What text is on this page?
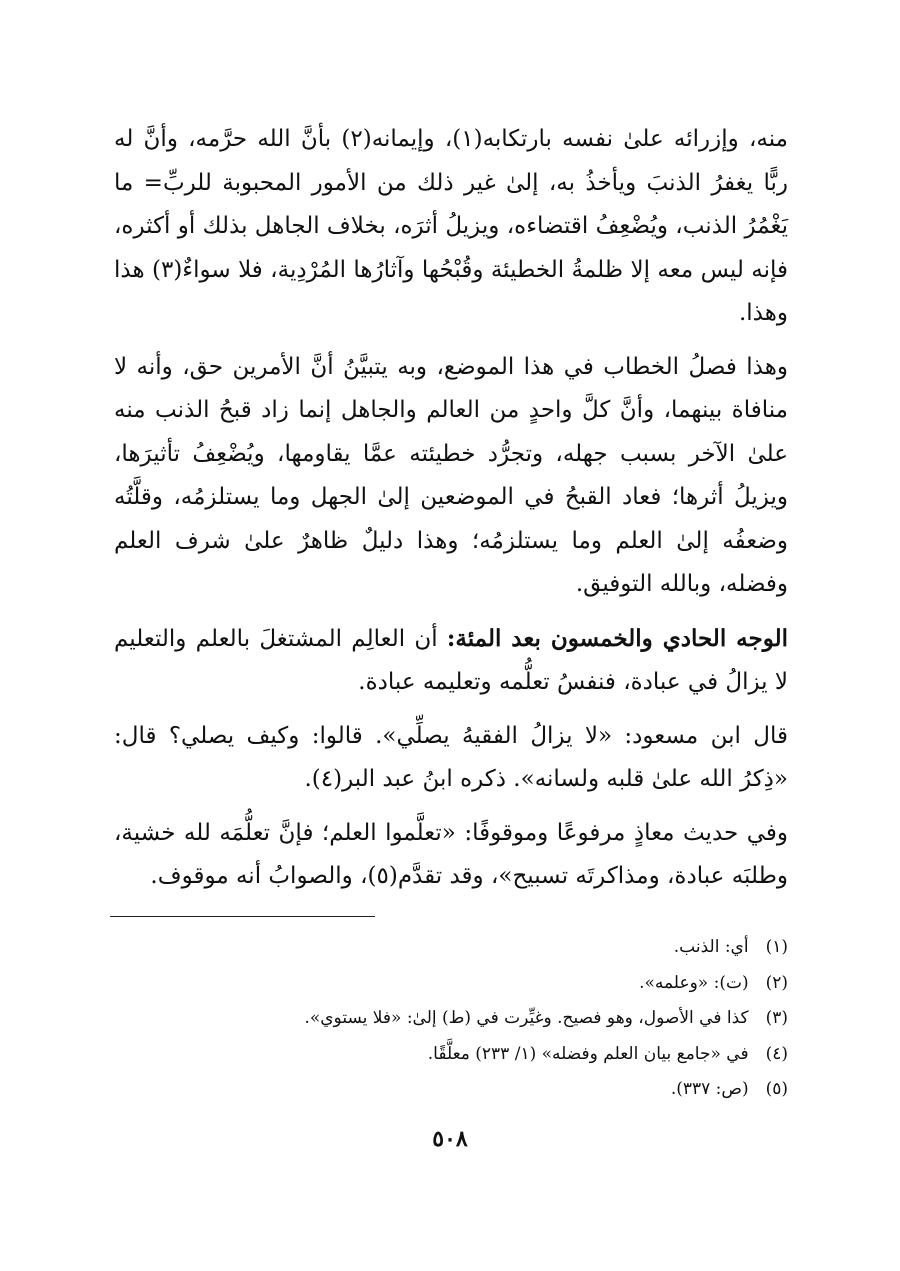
منه، وإزرائه علىٰ نفسه بارتكابه(١)، وإيمانه(٢) بأنَّ الله حرَّمه، وأنَّ له ربًّا يغفرُ الذنبَ ويأخذُ به، إلىٰ غير ذلك من الأمور المحبوبة للربِّ= ما يَغْمُرُ الذنب، ويُضْعِفُ اقتضاءه، ويزيلُ أثرَه، بخلاف الجاهل بذلك أو أكثره، فإنه ليس معه إلا ظلمةُ الخطيئة وقُبْحُها وآثارُها المُرْدِية، فلا سواءٌ(٣) هذا وهذا.

وهذا فصلُ الخطاب في هذا الموضع، وبه يتبيَّنُ أنَّ الأمرين حق، وأنه لا منافاة بينهما، وأنَّ كلَّ واحدٍ من العالم والجاهل إنما زاد قبحُ الذنب منه علىٰ الآخر بسبب جهله، وتجرُّد خطيئته عمَّا يقاومها، ويُضْعِفُ تأثيرَها، ويزيلُ أثرها؛ فعاد القبحُ في الموضعين إلىٰ الجهل وما يستلزمُه، وقلَّتُه وضعفُه إلىٰ العلم وما يستلزمُه؛ وهذا دليلٌ ظاهرٌ علىٰ شرف العلم وفضله، وبالله التوفيق.

الوجه الحادي والخمسون بعد المئة: أن العالِم المشتغلَ بالعلم والتعليم لا يزالُ في عبادة، فنفسُ تعلُّمه وتعليمه عبادة.

قال ابن مسعود: «لا يزالُ الفقيهُ يصلِّي». قالوا: وكيف يصلي؟ قال: «ذِكرُ الله علىٰ قلبه ولسانه». ذكره ابنُ عبد البر(٤).

وفي حديث معاذٍ مرفوعًا وموقوفًا: «تعلَّموا العلم؛ فإنَّ تعلُّمَه لله خشية، وطلبَه عبادة، ومذاكرتَه تسبيح»، وقد تقدَّم(٥)، والصوابُ أنه موقوف.

(١) أي: الذنب.

(٢) (ت): «وعلمه».

(٣) كذا في الأصول، وهو فصيح. وغيِّرت في (ط) إلىٰ: «فلا يستوي».

(٤) في «جامع بيان العلم وفضله» (١/ ٢٣٣) معلَّقًا.

(٥) (ص: ٣٣٧).

٥٠٨
